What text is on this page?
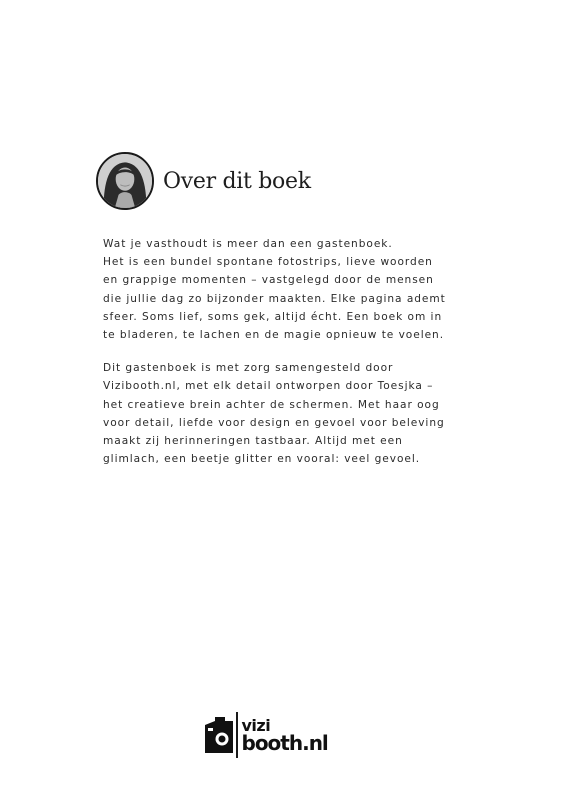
Over dit boek

Wat je vasthoudt is meer dan een gastenboek.
Het is een bundel spontane fotostrips, lieve woorden
en grappige momenten – vastgelegd door de mensen
die jullie dag zo bijzonder maakten. Elke pagina ademt
sfeer. Soms lief, soms gek, altijd écht. Een boek om in
te bladeren, te lachen en de magie opnieuw te voelen.

Dit gastenboek is met zorg samengesteld door
Vizibooth.nl, met elk detail ontworpen door Toesjka –
het creatieve brein achter de schermen. Met haar oog
voor detail, liefde voor design en gevoel voor beleving
maakt zij herinneringen tastbaar. Altijd met een
glimlach, een beetje glitter en vooral: veel gevoel.

vizi
booth.nl
